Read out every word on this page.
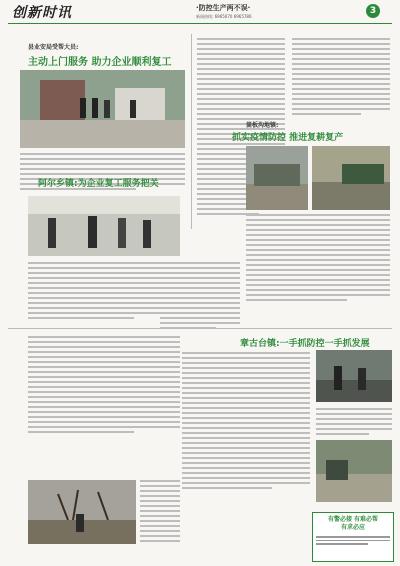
创新时讯	·防控生产两不误·
新闻热线: 6965070 6965786
3
县业安局受帮大员:
主动上门服务 助力企业顺利复工
崮板沟地镇:
抓实疫情防控 推进复耕复产
阿尔乡镇:为企业复工服务把关
章古台镇:一手抓防控一手抓发展
有警必接 有难必帮
有求必应
